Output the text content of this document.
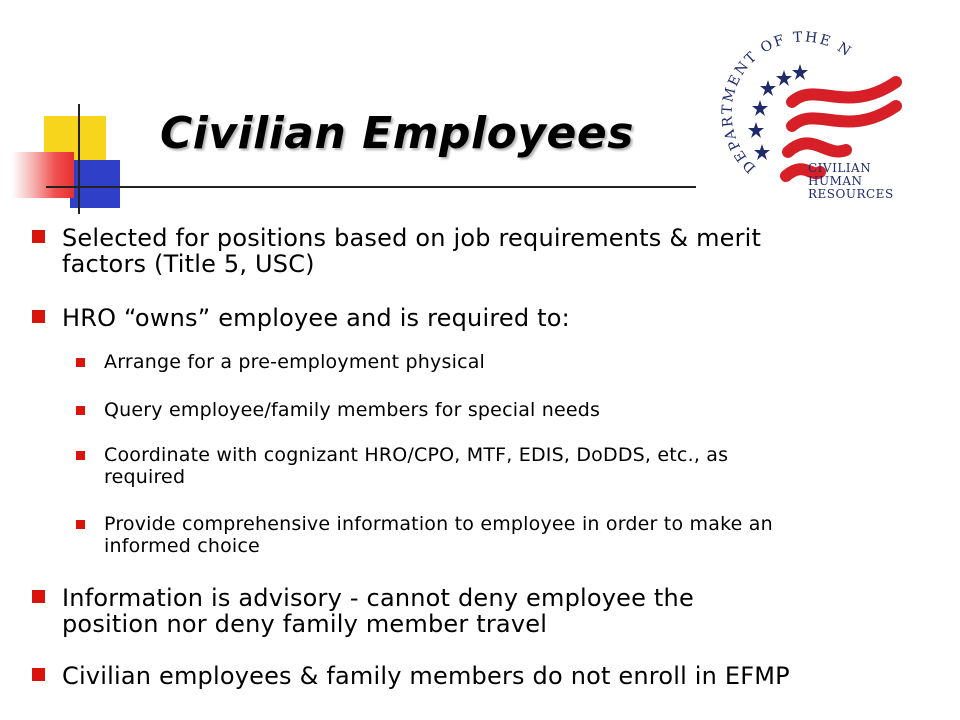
Civilian Employees
DEPARTMENT OF THE N
CIVILIAN
HUMAN
RESOURCES
Selected for positions based on job requirements & merit
factors (Title 5, USC)
HRO “owns” employee and is required to:
Arrange for a pre-employment physical
Query employee/family members for special needs
Coordinate with cognizant HRO/CPO, MTF, EDIS, DoDDS, etc., as
required
Provide comprehensive information to employee in order to make an
informed choice
Information is advisory - cannot deny employee the
position nor deny family member travel
Civilian employees & family members do not enroll in EFMP
